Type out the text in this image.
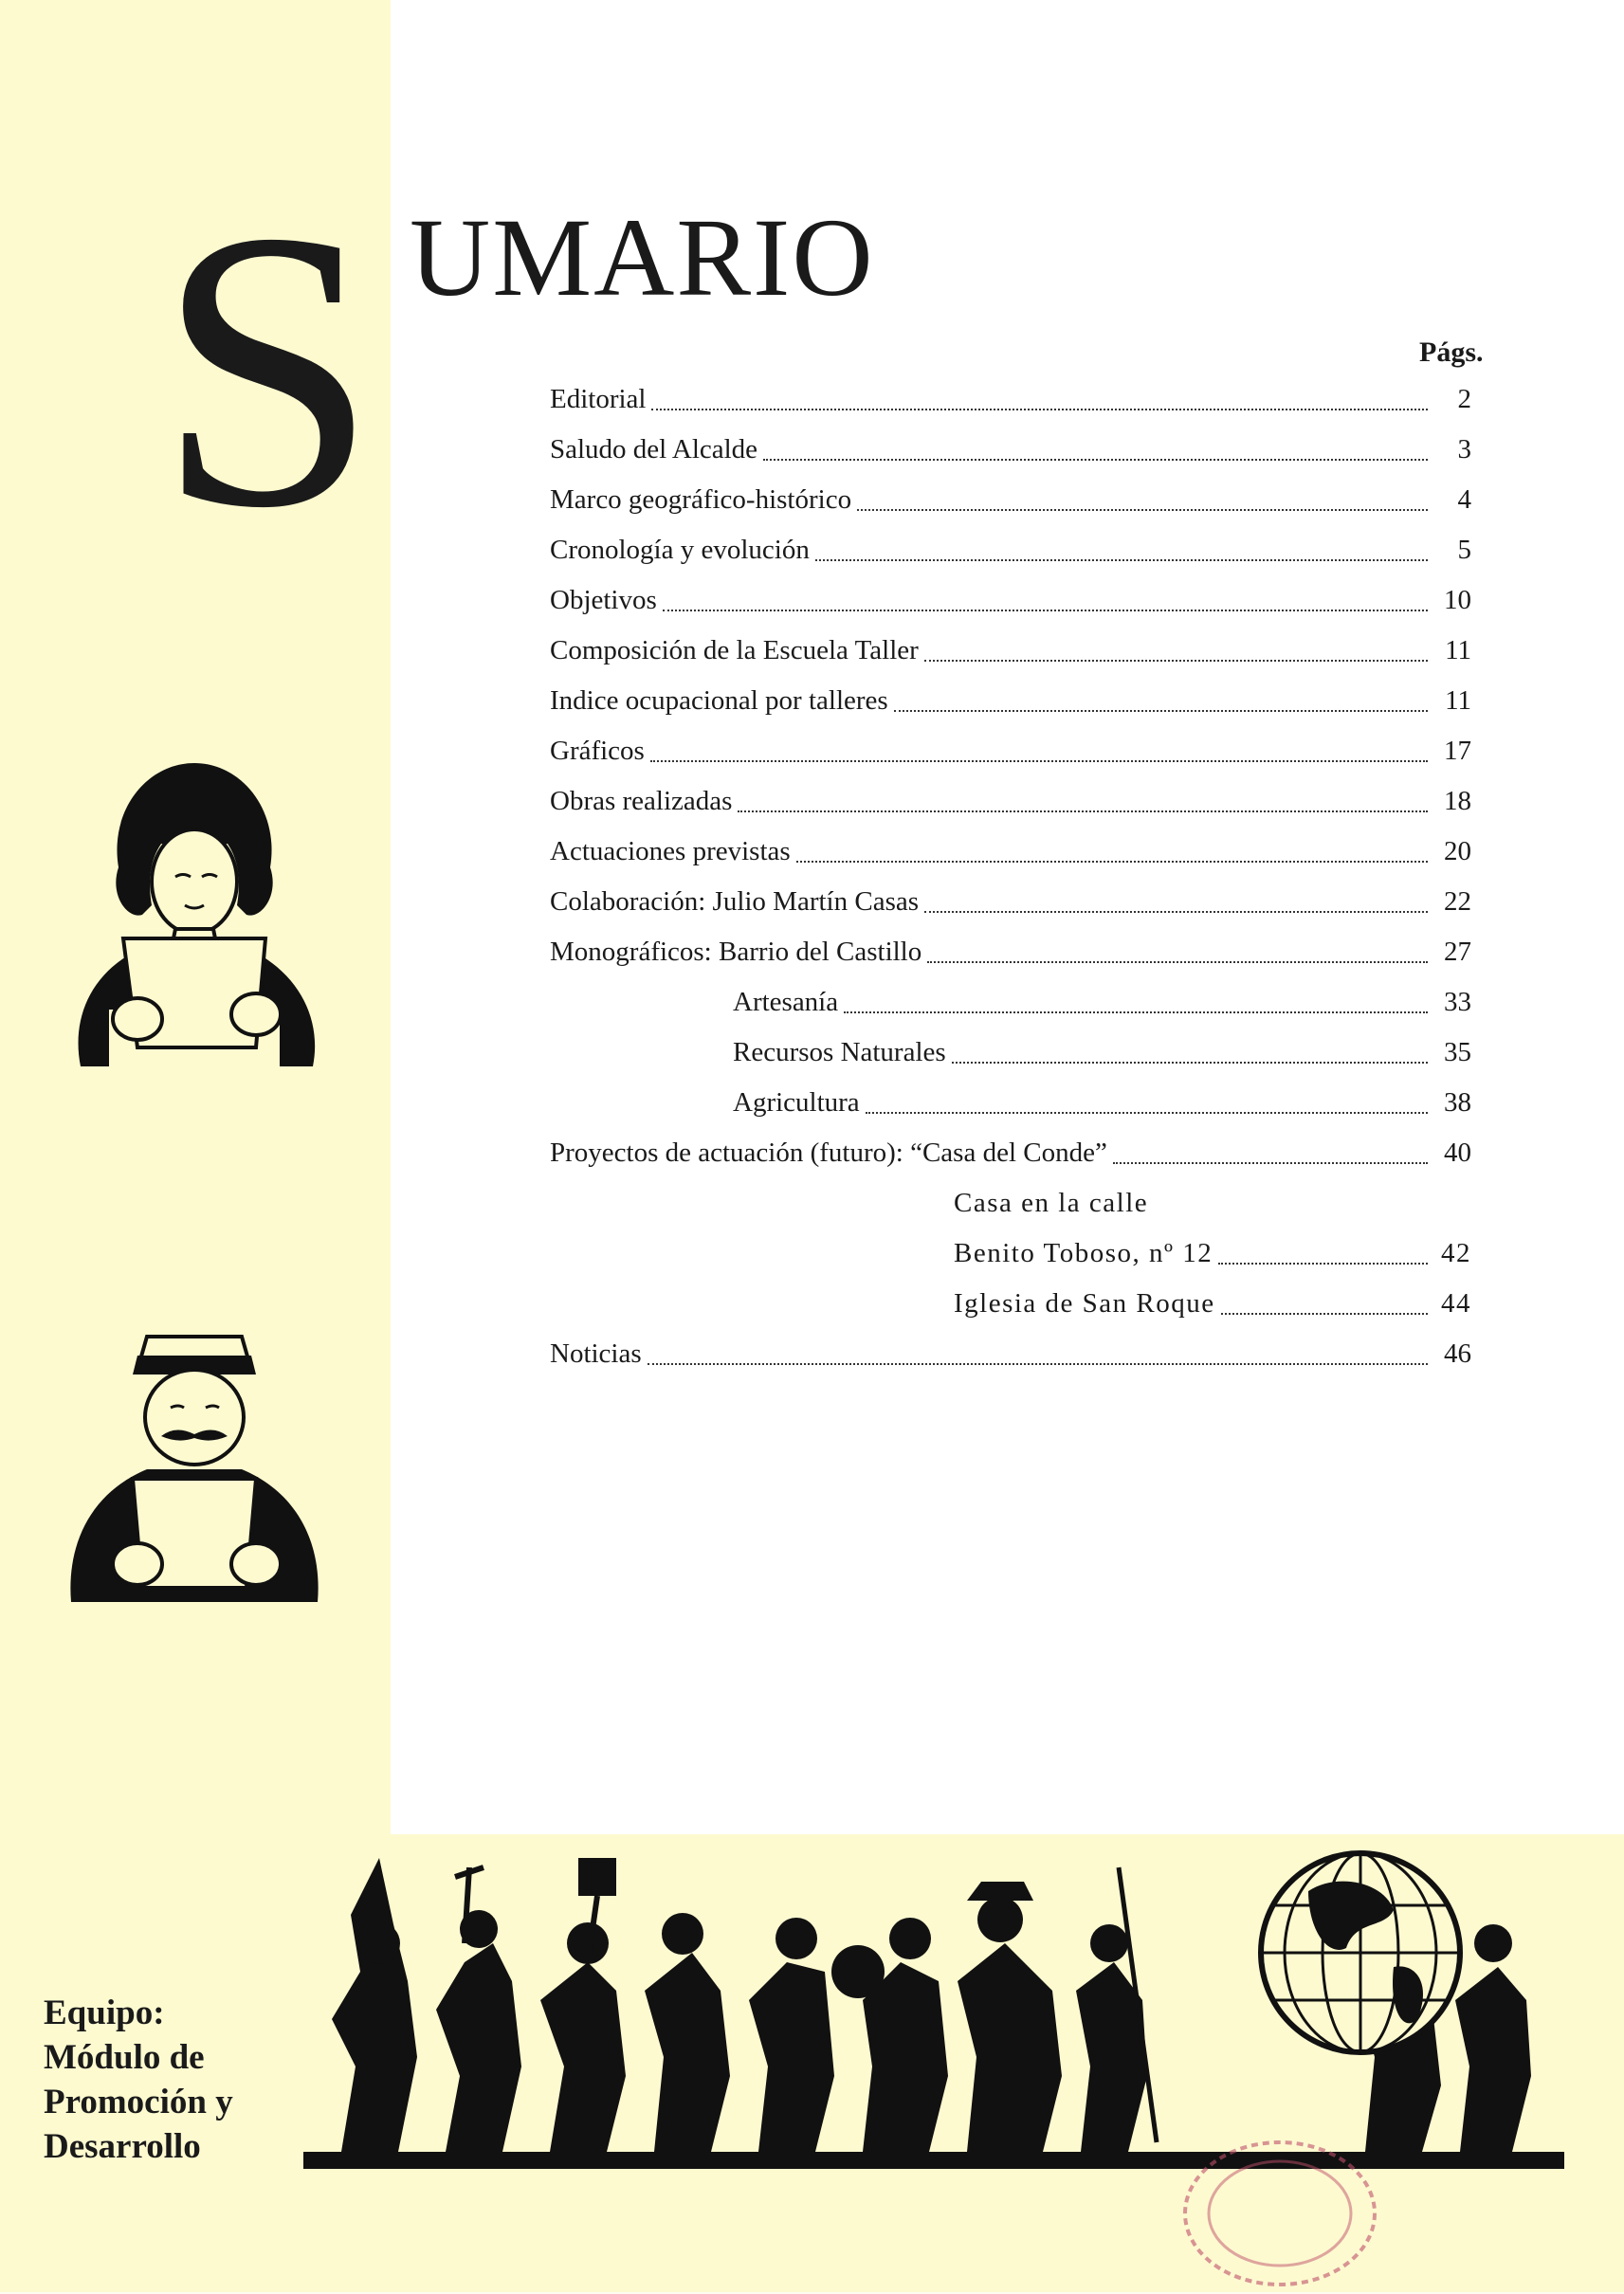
S UMARIO
Págs.
Editorial	2
Saludo del Alcalde	3
Marco geográfico-histórico	4
Cronología y evolución	5
Objetivos	10
Composición de la Escuela Taller	11
Indice ocupacional por talleres	11
Gráficos	17
Obras realizadas	18
Actuaciones previstas	20
Colaboración: Julio Martín Casas	22
Monográficos: Barrio del Castillo	27
Artesanía	33
Recursos Naturales	35
Agricultura	38
Proyectos de actuación (futuro): “Casa del Conde”	40
Casa en la calle
Benito Toboso, nº 12	42
Iglesia de San Roque	44
Noticias	46
Equipo:
Módulo de
Promoción y
Desarrollo
